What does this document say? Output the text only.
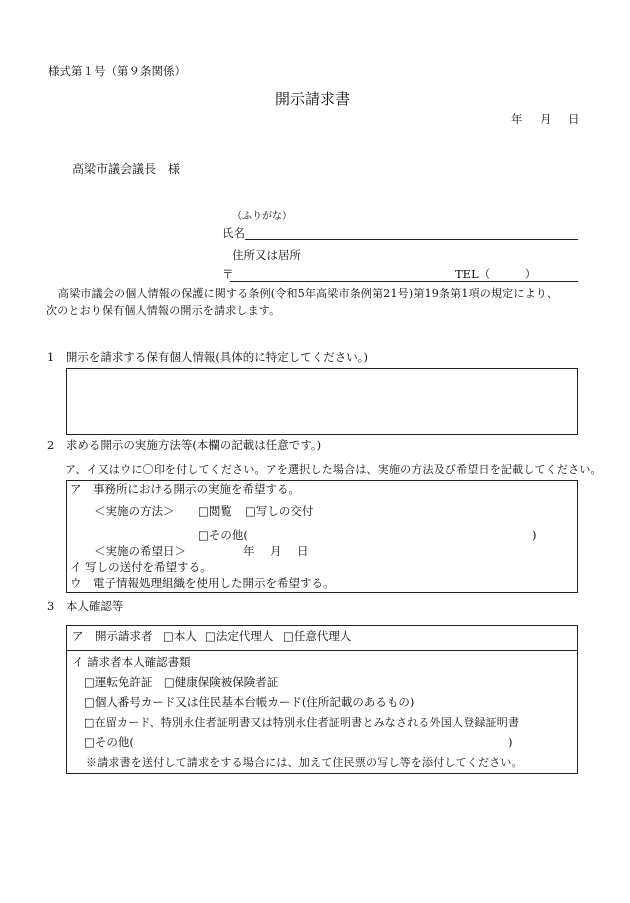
様式第１号（第９条関係）
開示請求書
年 月 日
高梁市議会議長　様
（ふりがな）
氏名
住所又は居所
〒	TEL（　　　）
高梁市議会の個人情報の保護に関する条例(令和5年高梁市条例第21号)第19条第1項の規定により、
次のとおり保有個人情報の開示を請求します。
1　開示を請求する保有個人情報(具体的に特定してください。)
2　求める開示の実施方法等(本欄の記載は任意です。)
ア、イ又はウに〇印を付してください。アを選択した場合は、実施の方法及び希望日を記載してください。
ア　事務所における開示の実施を希望する。
＜実施の方法＞ □閲覧 □写しの交付
□その他(	)
＜実施の希望日＞	年 月 日
イ 写しの送付を希望する。
ウ　電子情報処理組織を使用した開示を希望する。
3　本人確認等
ア　開示請求者 □本人 □法定代理人 □任意代理人
イ 請求者本人確認書類
□運転免許証　□健康保険被保険者証
□個人番号カード又は住民基本台帳カード(住所記載のあるもの)
□在留カード、特別永住者証明書又は特別永住者証明書とみなされる外国人登録証明書
□その他(	)
※請求書を送付して請求をする場合には、加えて住民票の写し等を添付してください。
